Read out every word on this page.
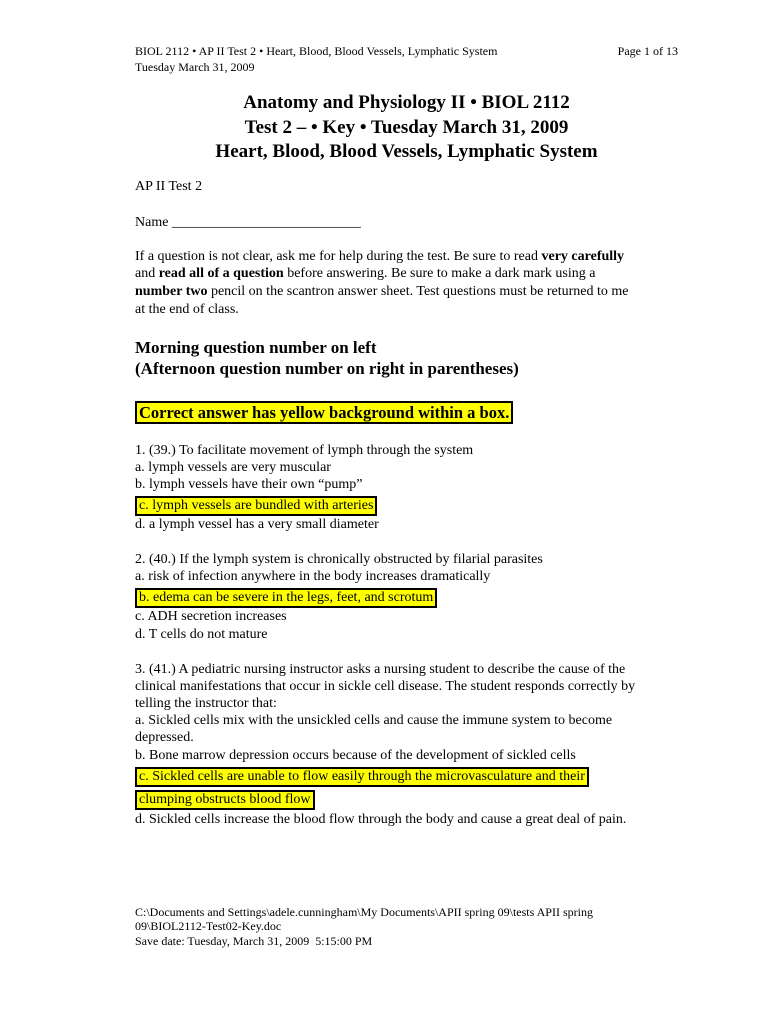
BIOL 2112 • AP II Test 2 • Heart, Blood, Blood Vessels, Lymphatic System	Page 1 of 13
Tuesday March 31, 2009
Anatomy and Physiology II • BIOL 2112
Test 2 – • Key • Tuesday March 31, 2009
Heart, Blood, Blood Vessels, Lymphatic System
AP II Test 2
Name ___________________________
If a question is not clear, ask me for help during the test. Be sure to read very carefully
and read all of a question before answering. Be sure to make a dark mark using a
number two pencil on the scantron answer sheet. Test questions must be returned to me
at the end of class.
Morning question number on left
(Afternoon question number on right in parentheses)
Correct answer has yellow background within a box.
1. (39.) To facilitate movement of lymph through the system
a. lymph vessels are very muscular
b. lymph vessels have their own “pump”
c. lymph vessels are bundled with arteries
d. a lymph vessel has a very small diameter
2. (40.) If the lymph system is chronically obstructed by filarial parasites
a. risk of infection anywhere in the body increases dramatically
b. edema can be severe in the legs, feet, and scrotum
c. ADH secretion increases
d. T cells do not mature
3. (41.) A pediatric nursing instructor asks a nursing student to describe the cause of the
clinical manifestations that occur in sickle cell disease. The student responds correctly by
telling the instructor that:
a. Sickled cells mix with the unsickled cells and cause the immune system to become
depressed.
b. Bone marrow depression occurs because of the development of sickled cells
c. Sickled cells are unable to flow easily through the microvasculature and their
clumping obstructs blood flow
d. Sickled cells increase the blood flow through the body and cause a great deal of pain.
C:\Documents and Settings\adele.cunningham\My Documents\APII spring 09\tests APII spring
09\BIOL2112-Test02-Key.doc
Save date: Tuesday, March 31, 2009  5:15:00 PM
